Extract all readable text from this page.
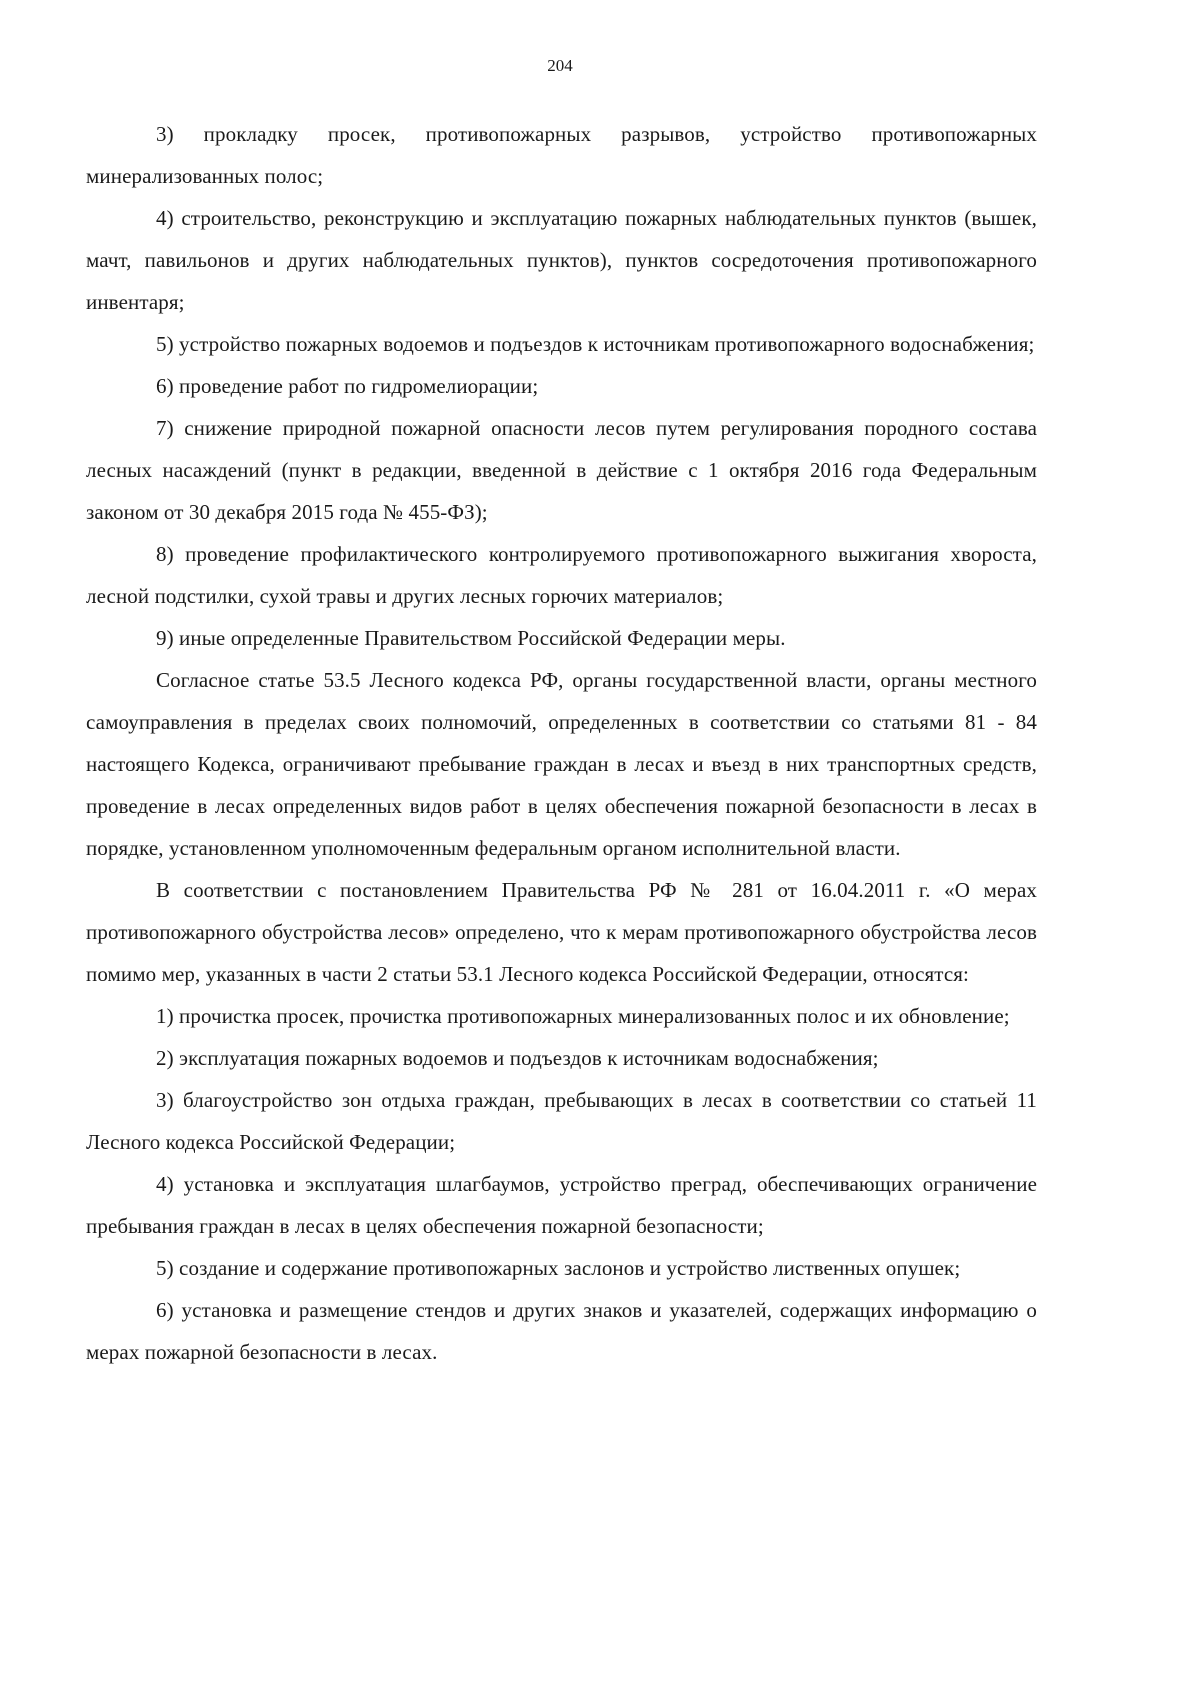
204

3) прокладку просек, противопожарных разрывов, устройство противопожарных минерализованных полос;

4) строительство, реконструкцию и эксплуатацию пожарных наблюдательных пунктов (вышек, мачт, павильонов и других наблюдательных пунктов), пунктов сосредоточения противопожарного инвентаря;

5) устройство пожарных водоемов и подъездов к источникам противопожарного водоснабжения;

6) проведение работ по гидромелиорации;

7) снижение природной пожарной опасности лесов путем регулирования породного состава лесных насаждений (пункт в редакции, введенной в действие с 1 октября 2016 года Федеральным законом от 30 декабря 2015 года № 455-ФЗ);

8) проведение профилактического контролируемого противопожарного выжигания хвороста, лесной подстилки, сухой травы и других лесных горючих материалов;

9) иные определенные Правительством Российской Федерации меры.

Согласное статье 53.5 Лесного кодекса РФ, органы государственной власти, органы местного самоуправления в пределах своих полномочий, определенных в соответствии со статьями 81 - 84 настоящего Кодекса, ограничивают пребывание граждан в лесах и въезд в них транспортных средств, проведение в лесах определенных видов работ в целях обеспечения пожарной безопасности в лесах в порядке, установленном уполномоченным федеральным органом исполнительной власти.

В соответствии с постановлением Правительства РФ № 281 от 16.04.2011 г. «О мерах противопожарного обустройства лесов» определено, что к мерам противопожарного обустройства лесов помимо мер, указанных в части 2 статьи 53.1 Лесного кодекса Российской Федерации, относятся:

1) прочистка просек, прочистка противопожарных минерализованных полос и их обновление;

2) эксплуатация пожарных водоемов и подъездов к источникам водоснабжения;

3) благоустройство зон отдыха граждан, пребывающих в лесах в соответствии со статьей 11 Лесного кодекса Российской Федерации;

4) установка и эксплуатация шлагбаумов, устройство преград, обеспечивающих ограничение пребывания граждан в лесах в целях обеспечения пожарной безопасности;

5) создание и содержание противопожарных заслонов и устройство лиственных опушек;

6) установка и размещение стендов и других знаков и указателей, содержащих информацию о мерах пожарной безопасности в лесах.
